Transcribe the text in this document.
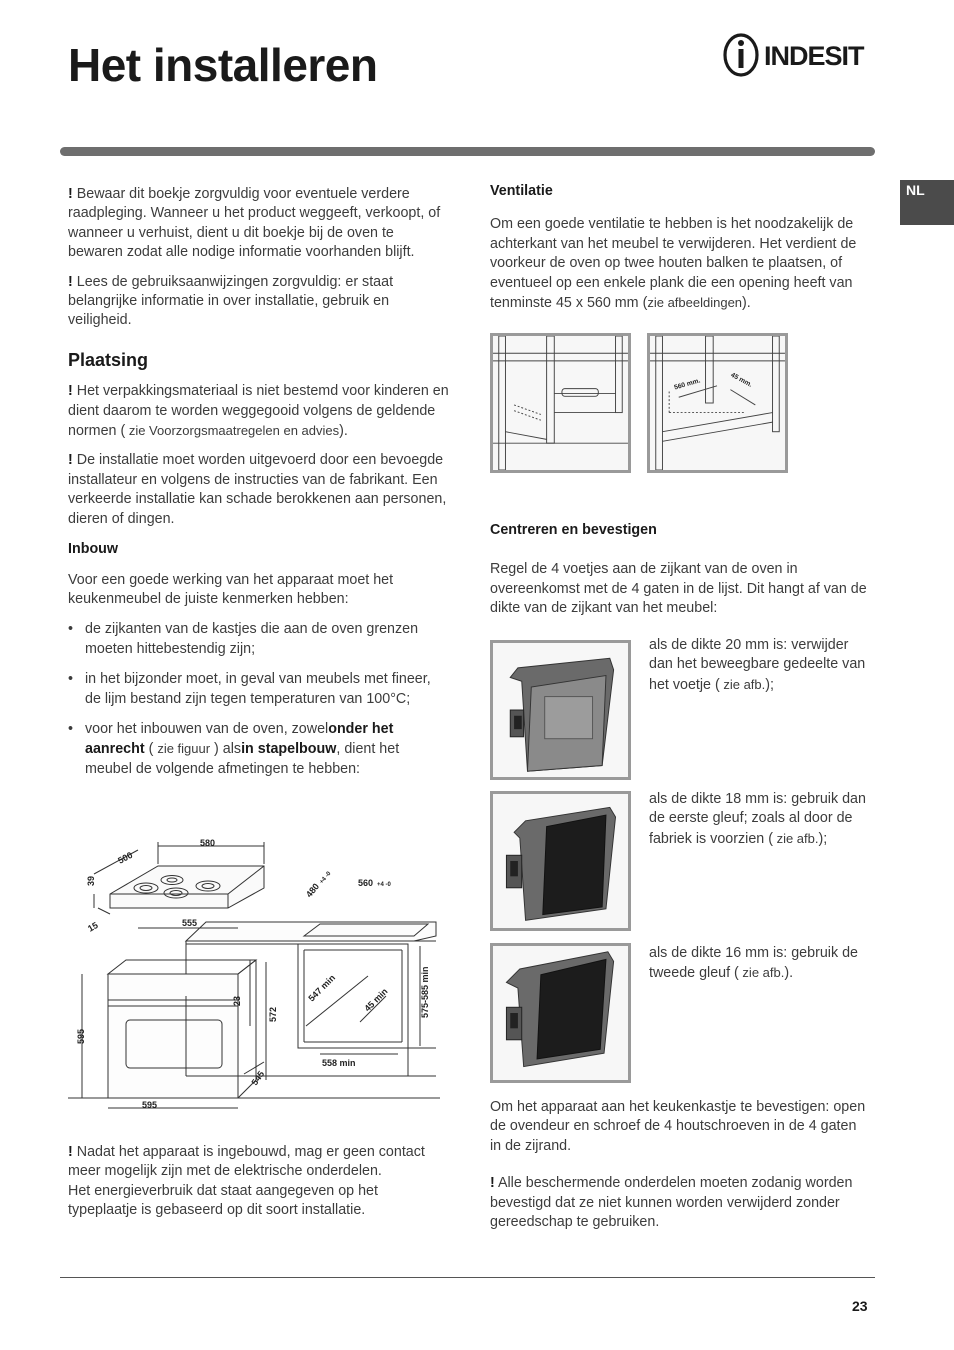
Het installeren	INDESIT
NL

! Bewaar dit boekje zorgvuldig voor eventuele verdere raadpleging. Wanneer u het product weggeeft, verkoopt, of wanneer u verhuist, dient u dit boekje bij de oven te bewaren zodat alle nodige informatie voorhanden blijft.

! Lees de gebruiksaanwijzingen zorgvuldig: er staat belangrijke informatie in over installatie, gebruik en veiligheid.

Plaatsing

! Het verpakkingsmateriaal is niet bestemd voor kinderen en dient daarom te worden weggegooid volgens de geldende normen ( zie Voorzorgsmaatregelen en advies).

! De installatie moet worden uitgevoerd door een bevoegde installateur en volgens de instructies van de fabrikant. Een verkeerde installatie kan schade berokkenen aan personen, dieren of dingen.

Inbouw

Voor een goede werking van het apparaat moet het keukenmeubel de juiste kenmerken hebben:

• de zijkanten van de kastjes die aan de oven grenzen moeten hittebestendig zijn;
• in het bijzonder moet, in geval van meubels met fineer, de lijm bestand zijn tegen temperaturen van 100°C;
• voor het inbouwen van de oven, zowelonder het aanrecht ( zie figuur ) alsin stapelbouw, dient het meubel de volgende afmetingen te hebben:
580
500
39
15	555
595
595
23
572
545
480
+4 -0	560 +4 -0
547 min	45 min	575-585 min
558 min

! Nadat het apparaat is ingebouwd, mag er geen contact meer mogelijk zijn met de elektrische onderdelen.

Het energieverbruik dat staat aangegeven op het typeplaatje is gebaseerd op dit soort installatie.

Ventilatie

Om een goede ventilatie te hebben is het noodzakelijk de achterkant van het meubel te verwijderen. Het verdient de voorkeur de oven op twee houten balken te plaatsen, of eventueel op een enkele plank die een opening heeft van tenminste 45 x 560 mm (zie afbeeldingen).

560 mm.	45 mm.
Centreren en bevestigen

Regel de 4 voetjes aan de zijkant van de oven in overeenkomst met de 4 gaten in de lijst. Dit hangt af van de dikte van de zijkant van het meubel:

als de dikte 20 mm is: verwijder dan het beweegbare gedeelte van het voetje ( zie afb.);

als de dikte 18 mm is: gebruik dan de eerste gleuf; zoals al door de fabriek is voorzien ( zie afb.);

als de dikte 16 mm is: gebruik de tweede gleuf ( zie afb.).

Om het apparaat aan het keukenkastje te bevestigen: open de ovendeur en schroef de 4 houtschroeven in de 4 gaten in de zijrand.

! Alle beschermende onderdelen moeten zodanig worden bevestigd dat ze niet kunnen worden verwijderd zonder gereedschap te gebruiken.

23
